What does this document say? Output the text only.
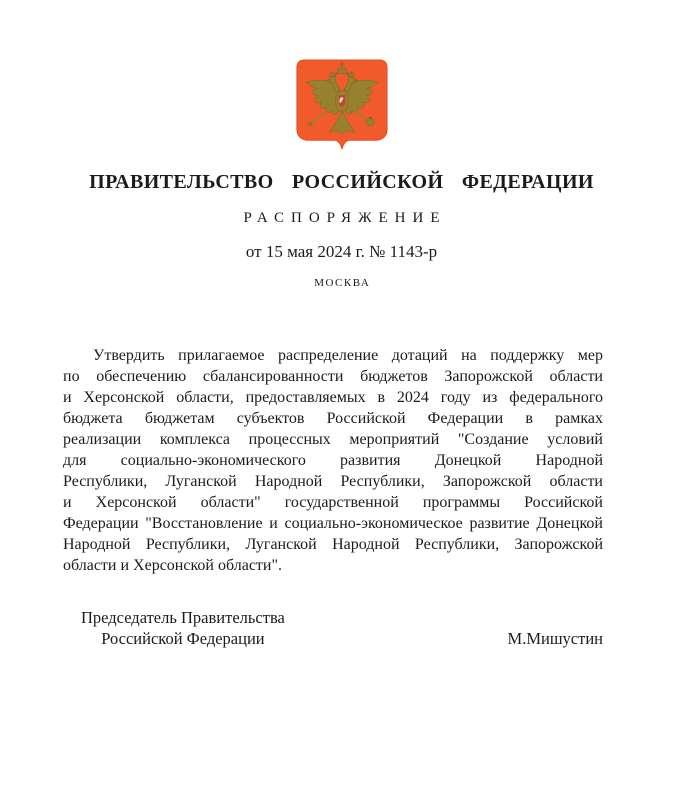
ПРАВИТЕЛЬСТВО РОССИЙСКОЙ ФЕДЕРАЦИИ
РАСПОРЯЖЕНИЕ
от 15 мая 2024 г. № 1143-р
МОСКВА
Утвердить прилагаемое распределение дотаций на поддержку мер
по обеспечению сбалансированности бюджетов Запорожской области
и Херсонской области, предоставляемых в 2024 году из федерального
бюджета бюджетам субъектов Российской Федерации в рамках
реализации комплекса процессных мероприятий "Создание условий
для социально-экономического развития Донецкой Народной
Республики, Луганской Народной Республики, Запорожской области
и Херсонской области" государственной программы Российской
Федерации "Восстановление и социально-экономическое развитие Донецкой
Народной Республики, Луганской Народной Республики, Запорожской
области и Херсонской области".
Председатель Правительства
Российской Федерации	М.Мишустин
